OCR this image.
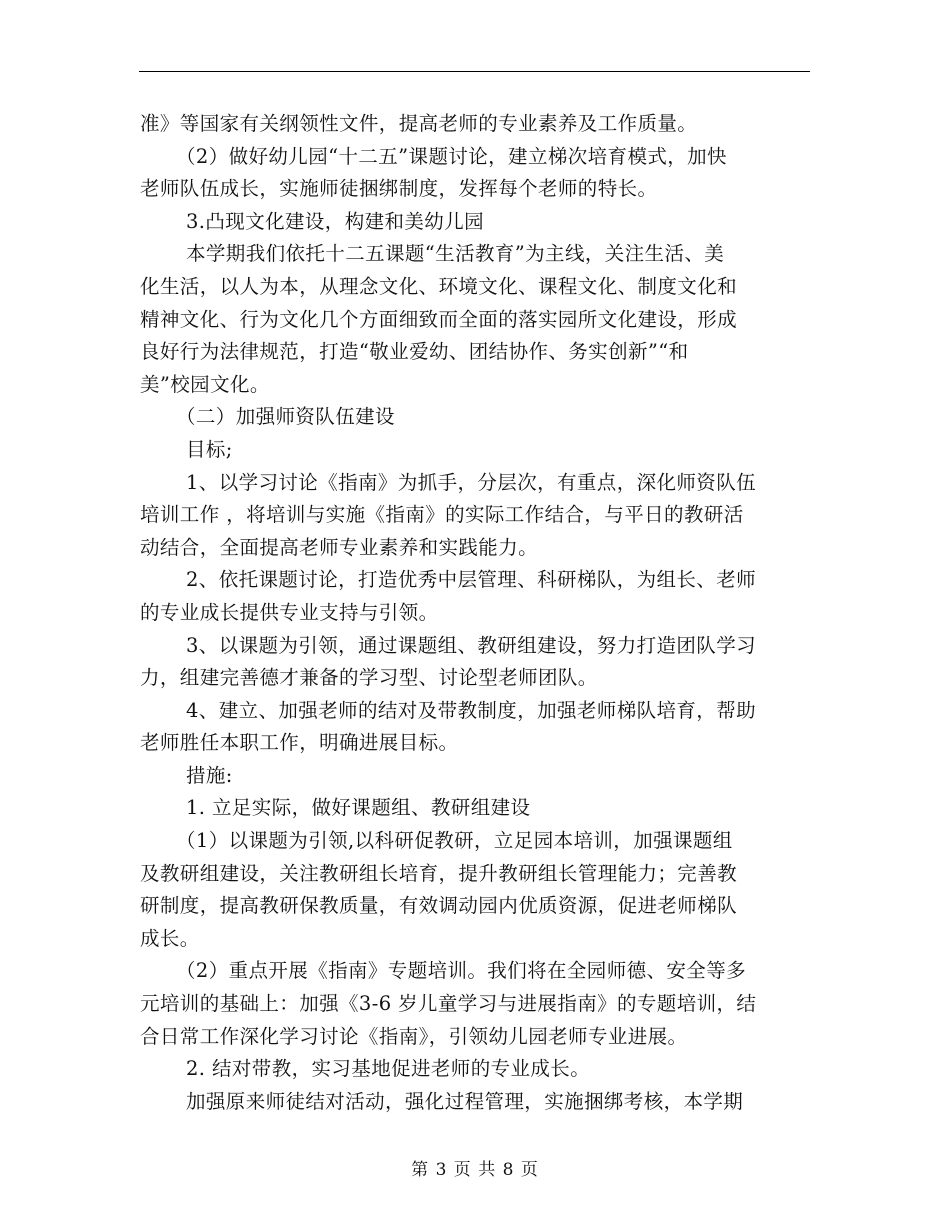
准》等国家有关纲领性文件，提高老师的专业素养及工作质量。
（2）做好幼儿园“十二五”课题讨论，建立梯次培育模式，加快
老师队伍成长，实施师徒捆绑制度，发挥每个老师的特长。
3.凸现文化建设，构建和美幼儿园
本学期我们依托十二五课题“生活教育”为主线，关注生活、美
化生活，以人为本，从理念文化、环境文化、课程文化、制度文化和
精神文化、行为文化几个方面细致而全面的落实园所文化建设，形成
良好行为法律规范，打造“敬业爱幼、团结协作、务实创新”“和
美”校园文化。
（二）加强师资队伍建设
目标;
1、以学习讨论《指南》为抓手，分层次，有重点，深化师资队伍
培训工作 ，将培训与实施《指南》的实际工作结合，与平日的教研活
动结合，全面提高老师专业素养和实践能力。
2、依托课题讨论，打造优秀中层管理、科研梯队，为组长、老师
的专业成长提供专业支持与引领。
3、以课题为引领，通过课题组、教研组建设，努力打造团队学习
力，组建完善德才兼备的学习型、讨论型老师团队。
4、建立、加强老师的结对及带教制度，加强老师梯队培育，帮助
老师胜任本职工作，明确进展目标。
措施:
1. 立足实际，做好课题组、教研组建设
（1）以课题为引领,以科研促教研，立足园本培训，加强课题组
及教研组建设，关注教研组长培育，提升教研组长管理能力；完善教
研制度，提高教研保教质量，有效调动园内优质资源，促进老师梯队
成长。
（2）重点开展《指南》专题培训。我们将在全园师德、安全等多
元培训的基础上：加强《3-6 岁儿童学习与进展指南》的专题培训，结
合日常工作深化学习讨论《指南》，引领幼儿园老师专业进展。
2. 结对带教，实习基地促进老师的专业成长。
加强原来师徒结对活动，强化过程管理，实施捆绑考核，本学期
第 3 页 共 8 页
